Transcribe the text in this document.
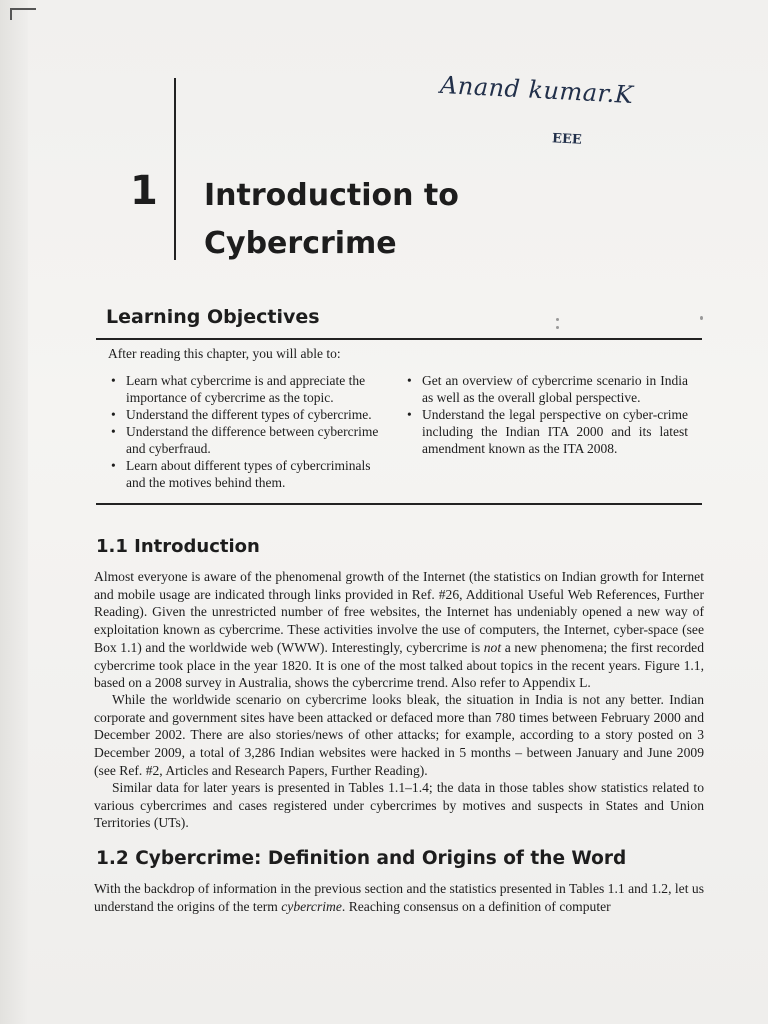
Anand kumar.K
EEE
1 Introduction to
Cybercrime
Learning Objectives
After reading this chapter, you will able to:
• Learn what cybercrime is and appreciate the importance of cybercrime as the topic.
• Understand the different types of cybercrime.
• Understand the difference between cybercrime and cyberfraud.
• Learn about different types of cybercriminals and the motives behind them.
• Get an overview of cybercrime scenario in India as well as the overall global perspective.
• Understand the legal perspective on cyber-crime including the Indian ITA 2000 and its latest amendment known as the ITA 2008.
1.1 Introduction

Almost everyone is aware of the phenomenal growth of the Internet (the statistics on Indian growth for Internet and mobile usage are indicated through links provided in Ref. #26, Additional Useful Web References, Further Reading). Given the unrestricted number of free websites, the Internet has undeniably opened a new way of exploitation known as cybercrime. These activities involve the use of computers, the Internet, cyber-space (see Box 1.1) and the worldwide web (WWW). Interestingly, cybercrime is not a new phenomena; the first recorded cybercrime took place in the year 1820. It is one of the most talked about topics in the recent years. Figure 1.1, based on a 2008 survey in Australia, shows the cybercrime trend. Also refer to Appendix L.

While the worldwide scenario on cybercrime looks bleak, the situation in India is not any better. Indian corporate and government sites have been attacked or defaced more than 780 times between February 2000 and December 2002. There are also stories/news of other attacks; for example, according to a story posted on 3 December 2009, a total of 3,286 Indian websites were hacked in 5 months – between January and June 2009 (see Ref. #2, Articles and Research Papers, Further Reading).

Similar data for later years is presented in Tables 1.1–1.4; the data in those tables show statistics related to various cybercrimes and cases registered under cybercrimes by motives and suspects in States and Union Territories (UTs).

1.2 Cybercrime: Definition and Origins of the Word

With the backdrop of information in the previous section and the statistics presented in Tables 1.1 and 1.2, let us understand the origins of the term cybercrime. Reaching consensus on a definition of computer
